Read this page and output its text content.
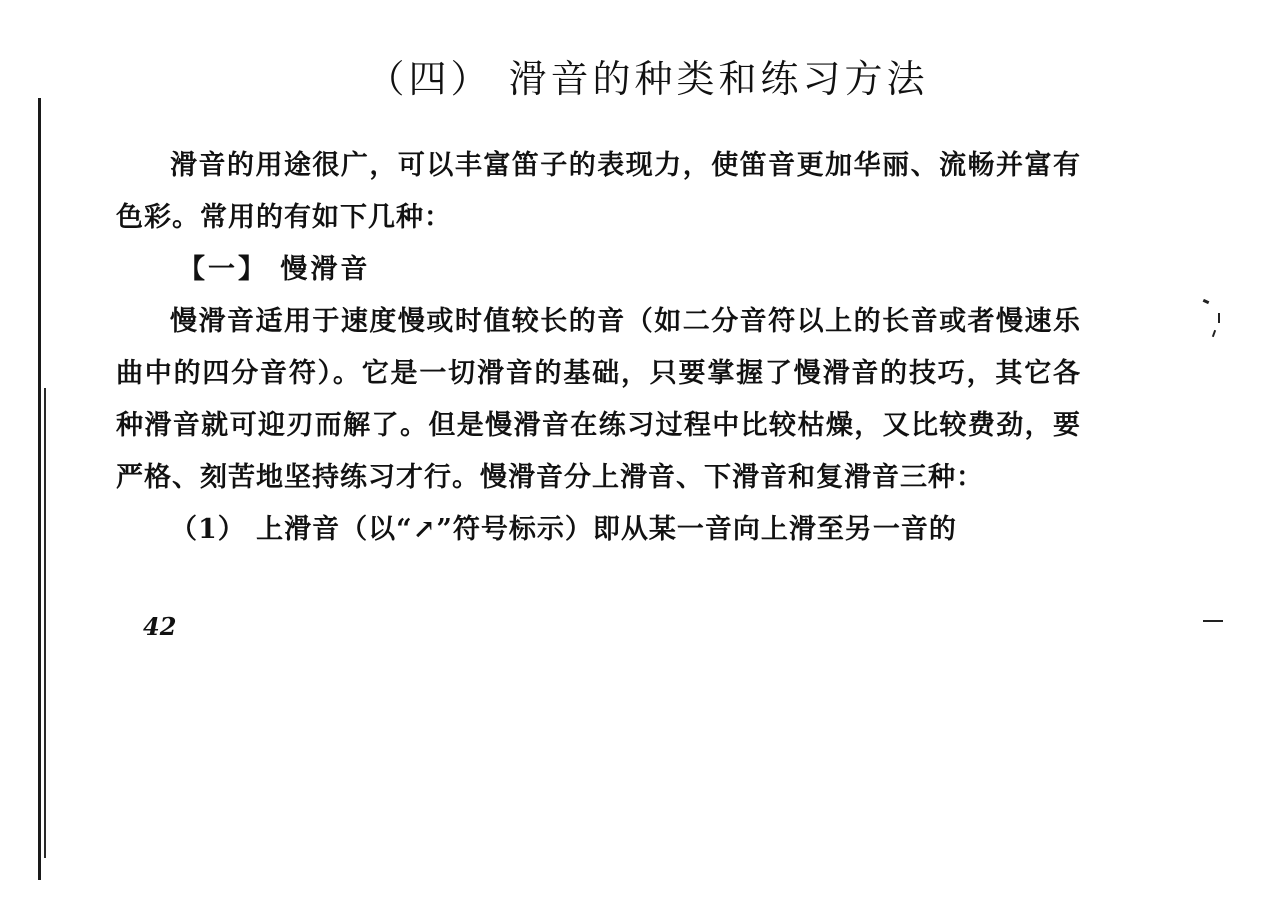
（四） 滑音的种类和练习方法

滑音的用途很广，可以丰富笛子的表现力，使笛音更加华丽、流畅并富有色彩。常用的有如下几种：

【一】 慢滑音

慢滑音适用于速度慢或时值较长的音（如二分音符以上的长音或者慢速乐曲中的四分音符）。它是一切滑音的基础，只要掌握了慢滑音的技巧，其它各种滑音就可迎刃而解了。但是慢滑音在练习过程中比较枯燥，又比较费劲，要严格、刻苦地坚持练习才行。慢滑音分上滑音、下滑音和复滑音三种：

（1） 上滑音（以“↗”符号标示）即从某一音向上滑至另一音的

42
